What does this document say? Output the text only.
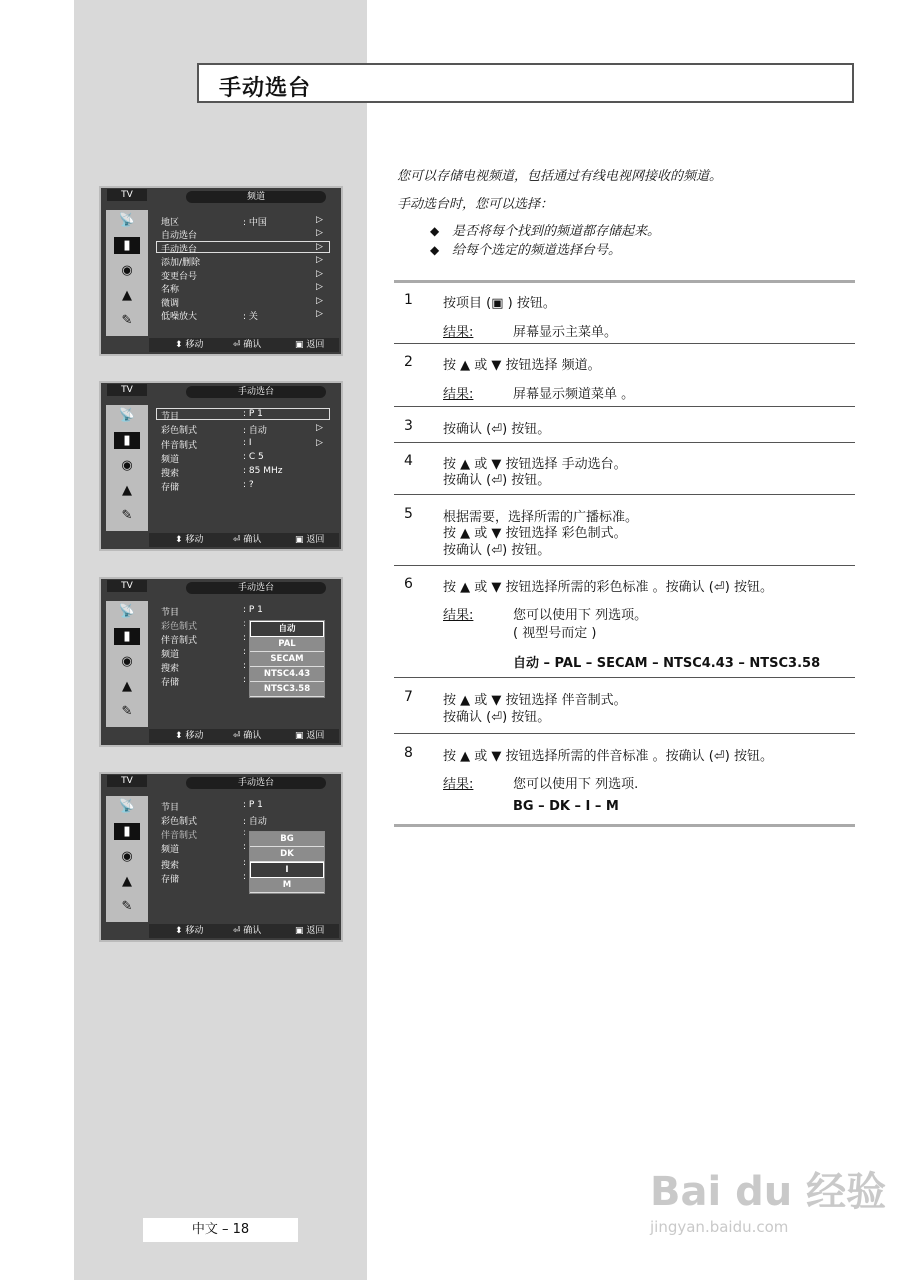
手动选台
您可以存储电视频道，包括通过有线电视网接收的频道。
手动选台时，您可以选择：
◆ 是否将每个找到的频道都存储起来。
◆ 给每个选定的频道选择台号。
1 按项目 (▣ ) 按钮。
结果:	屏幕显示主菜单。
2 按 ▲ 或 ▼ 按钮选择 频道。
结果:	屏幕显示频道菜单 。
3 按确认 (⏎) 按钮。
4 按 ▲ 或 ▼ 按钮选择 手动选台。
按确认 (⏎) 按钮。
5 根据需要，选择所需的广播标准。
按 ▲ 或 ▼ 按钮选择 彩色制式。
按确认 (⏎) 按钮。
6 按 ▲ 或 ▼ 按钮选择所需的彩色标准 。按确认 (⏎) 按钮。
结果:	您可以使用下 列选项。
( 视型号而定 )
自动 – PAL – SECAM – NTSC4.43 – NTSC3.58
7 按 ▲ 或 ▼ 按钮选择 伴音制式。
按确认 (⏎) 按钮。
8 按 ▲ 或 ▼ 按钮选择所需的伴音标准 。按确认 (⏎) 按钮。
结果:	您可以使用下 列选项.
BG – DK – I – M
TV	频道
📡
▮
◉
▲
✎
地区	: 中国	▷
自动选台	▷
手动选台	▷
添加/删除	▷
变更台号	▷
名称	▷
微调	▷
低噪放大	: 关	▷
⬍ 移动	⏎ 确认	▣ 返回
TV	手动选台
📡
▮
◉
▲
✎
节目	: P 1
彩色制式	: 自动	▷
伴音制式	: I	▷
频道	: C 5
搜索	: 85 MHz
存储	: ?
⬍ 移动	⏎ 确认	▣ 返回
TV	手动选台
📡
▮
◉
▲
✎
节目	: P 1
彩色制式	:
伴音制式	:
频道	:
搜索	:
存储	:
自动
PAL
SECAM
NTSC4.43
NTSC3.58
⬍ 移动	⏎ 确认	▣ 返回
TV	手动选台
📡
▮
◉
▲
✎
节目	: P 1
彩色制式	: 自动
伴音制式	:
频道	:
搜索	:
存储	:
BG
DK
I
M
⬍ 移动	⏎ 确认	▣ 返回
中文 – 18
Bai du 经验
jingyan.baidu.com
